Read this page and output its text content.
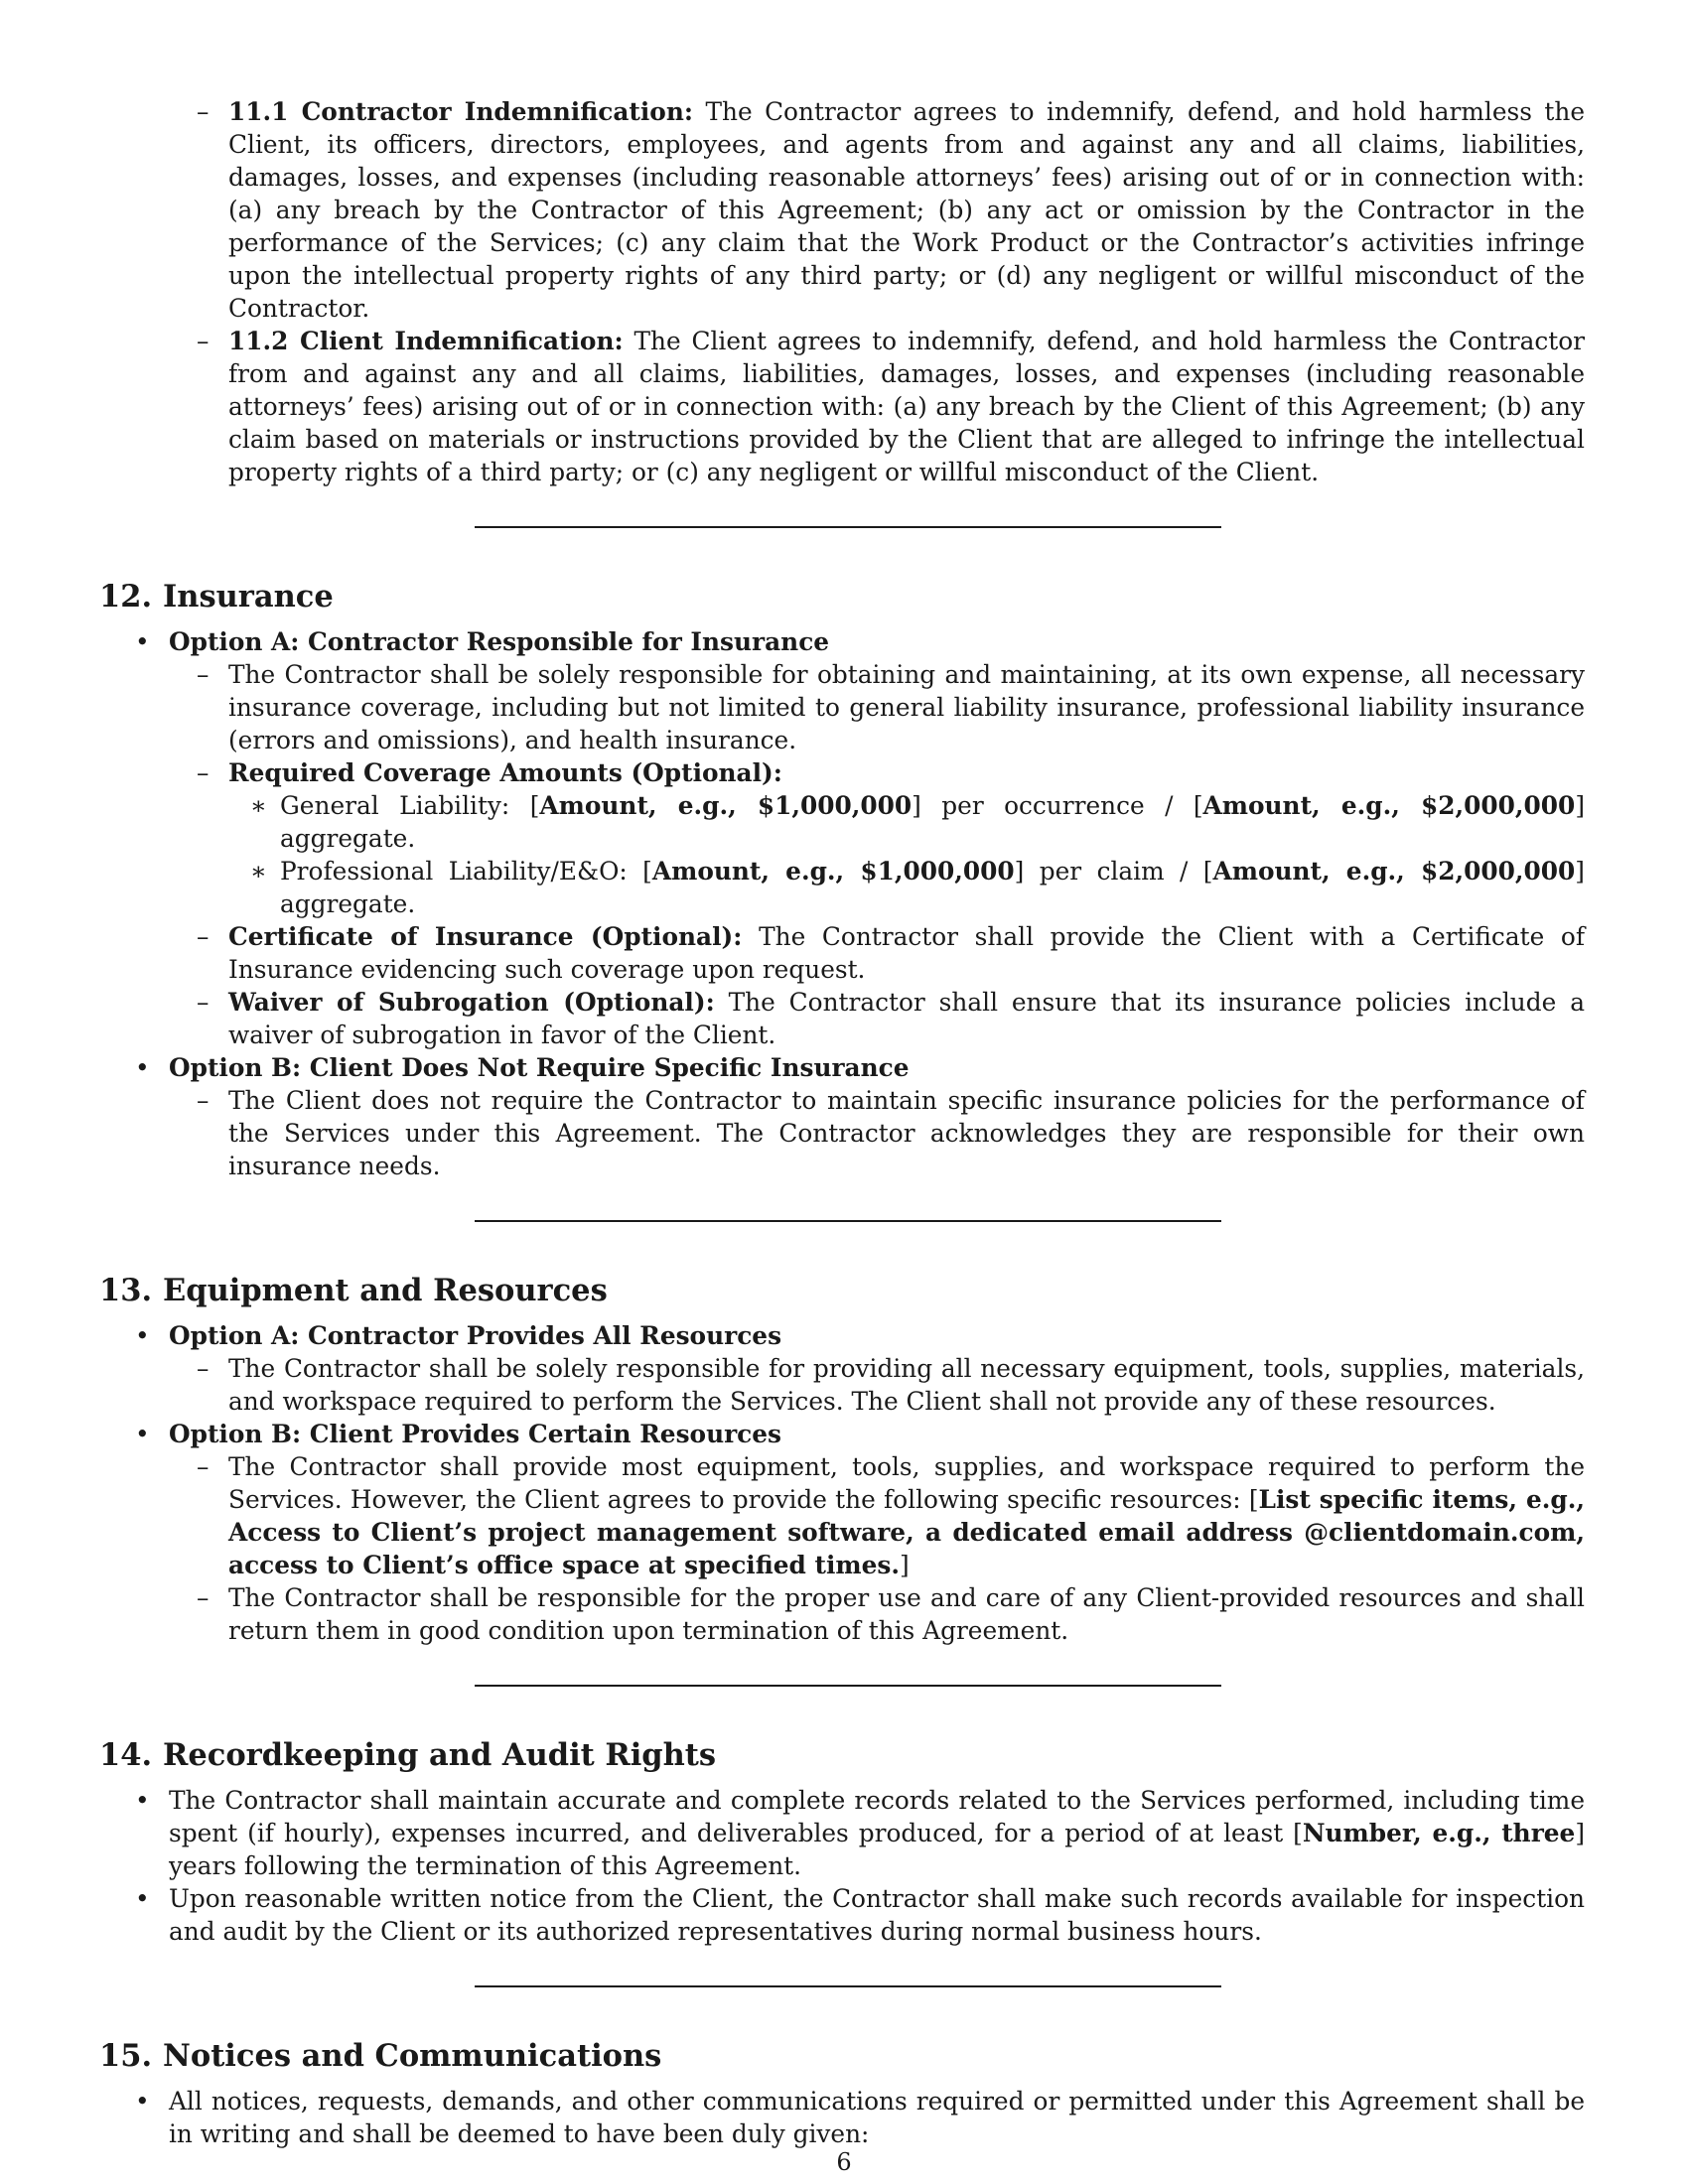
– 11.1 Contractor Indemnification: The Contractor agrees to indemnify, defend, and hold harmless the Client, its officers, directors, employees, and agents from and against any and all claims, liabilities, damages, losses, and expenses (including reasonable attorneys’ fees) arising out of or in connection with: (a) any breach by the Contractor of this Agreement; (b) any act or omission by the Contractor in the performance of the Services; (c) any claim that the Work Product or the Contractor’s activities infringe upon the intellectual property rights of any third party; or (d) any negligent or willful misconduct of the Contractor.
– 11.2 Client Indemnification: The Client agrees to indemnify, defend, and hold harmless the Contractor from and against any and all claims, liabilities, damages, losses, and expenses (including reasonable attorneys’ fees) arising out of or in connection with: (a) any breach by the Client of this Agreement; (b) any claim based on materials or instructions provided by the Client that are alleged to infringe the intellectual property rights of a third party; or (c) any negligent or willful misconduct of the Client.
12. Insurance
• Option A: Contractor Responsible for Insurance
– The Contractor shall be solely responsible for obtaining and maintaining, at its own expense, all necessary insurance coverage, including but not limited to general liability insurance, professional liability insurance (errors and omissions), and health insurance.
– Required Coverage Amounts (Optional):
∗ General Liability: [Amount, e.g., $1,000,000] per occurrence / [Amount, e.g., $2,000,000] aggregate.
∗ Professional Liability/E&O: [Amount, e.g., $1,000,000] per claim / [Amount, e.g., $2,000,000] aggregate.
– Certificate of Insurance (Optional): The Contractor shall provide the Client with a Certificate of Insurance evidencing such coverage upon request.
– Waiver of Subrogation (Optional): The Contractor shall ensure that its insurance policies include a waiver of subrogation in favor of the Client.
• Option B: Client Does Not Require Specific Insurance
– The Client does not require the Contractor to maintain specific insurance policies for the performance of the Services under this Agreement. The Contractor acknowledges they are responsible for their own insurance needs.
13. Equipment and Resources
• Option A: Contractor Provides All Resources
– The Contractor shall be solely responsible for providing all necessary equipment, tools, supplies, materials, and workspace required to perform the Services. The Client shall not provide any of these resources.
• Option B: Client Provides Certain Resources
– The Contractor shall provide most equipment, tools, supplies, and workspace required to perform the Services. However, the Client agrees to provide the following specific resources: [List specific items, e.g., Access to Client’s project management software, a dedicated email address @clientdomain.com, access to Client’s office space at specified times.]
– The Contractor shall be responsible for the proper use and care of any Client-provided resources and shall return them in good condition upon termination of this Agreement.
14. Recordkeeping and Audit Rights
• The Contractor shall maintain accurate and complete records related to the Services performed, including time spent (if hourly), expenses incurred, and deliverables produced, for a period of at least [Number, e.g., three] years following the termination of this Agreement.
• Upon reasonable written notice from the Client, the Contractor shall make such records available for inspection and audit by the Client or its authorized representatives during normal business hours.
15. Notices and Communications
• All notices, requests, demands, and other communications required or permitted under this Agreement shall be in writing and shall be deemed to have been duly given:
6
